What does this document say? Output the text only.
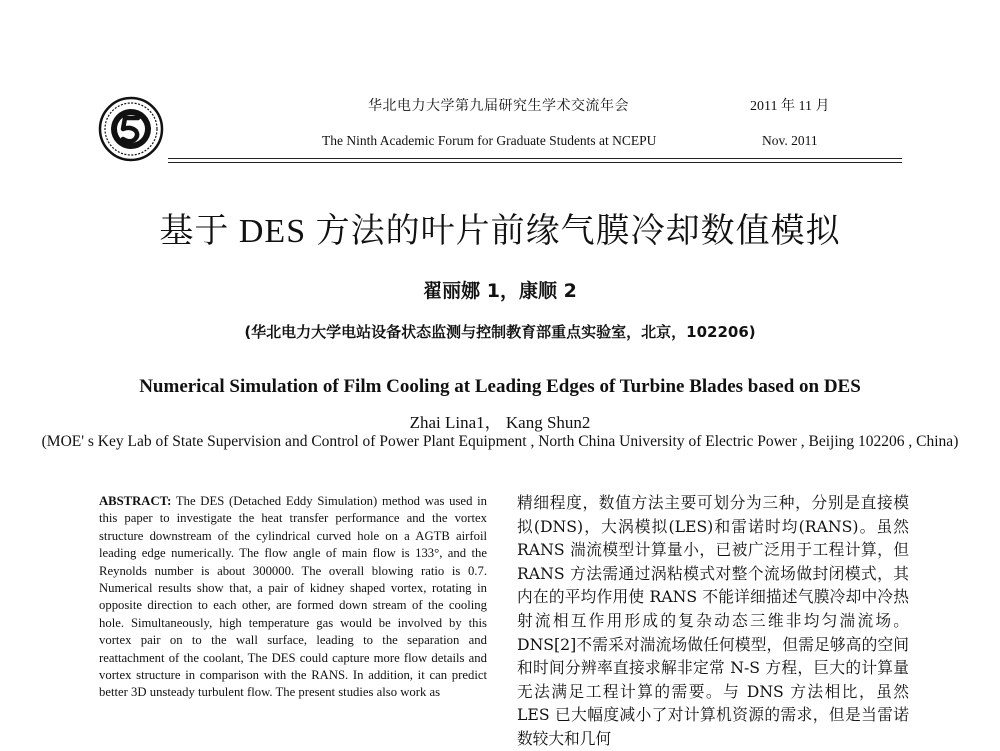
华北电力大学第九届研究生学术交流年会	2011 年 11 月
The Ninth Academic Forum for Graduate Students at NCEPU	Nov. 2011
基于 DES 方法的叶片前缘气膜冷却数值模拟
翟丽娜 1，康顺 2
(华北电力大学电站设备状态监测与控制教育部重点实验室，北京，102206)
Numerical Simulation of Film Cooling at Leading Edges of Turbine Blades based on DES
Zhai Lina1， Kang Shun2
(MOE' s Key Lab of State Supervision and Control of Power Plant Equipment , North China University of Electric Power , Beijing 102206 , China)
ABSTRACT: The DES (Detached Eddy Simulation) method was used in this paper to investigate the heat transfer performance and the vortex structure downstream of the cylindrical curved hole on a AGTB airfoil leading edge numerically. The flow angle of main flow is 133°, and the Reynolds number is about 300000. The overall blowing ratio is 0.7. Numerical results show that, a pair of kidney shaped vortex, rotating in opposite direction to each other, are formed down stream of the cooling hole. Simultaneously, high temperature gas would be involved by this vortex pair on to the wall surface, leading to the separation and reattachment of the coolant, The DES could capture more flow details and vortex structure in comparison with the RANS. In addition, it can predict better 3D unsteady turbulent flow. The present studies also work as
精细程度，数值方法主要可划分为三种，分别是直接模拟(DNS)，大涡模拟(LES)和雷诺时均(RANS)。虽然 RANS 湍流模型计算量小，已被广泛用于工程计算，但 RANS 方法需通过涡粘模式对整个流场做封闭模式，其内在的平均作用使 RANS 不能详细描述气膜冷却中冷热射流相互作用形成的复杂动态三维非均匀湍流场。DNS[2]不需采对湍流场做任何模型，但需足够高的空间和时间分辨率直接求解非定常 N-S 方程，巨大的计算量无法满足工程计算的需要。与 DNS 方法相比，虽然 LES 已大幅度减小了对计算机资源的需求，但是当雷诺数较大和几何
